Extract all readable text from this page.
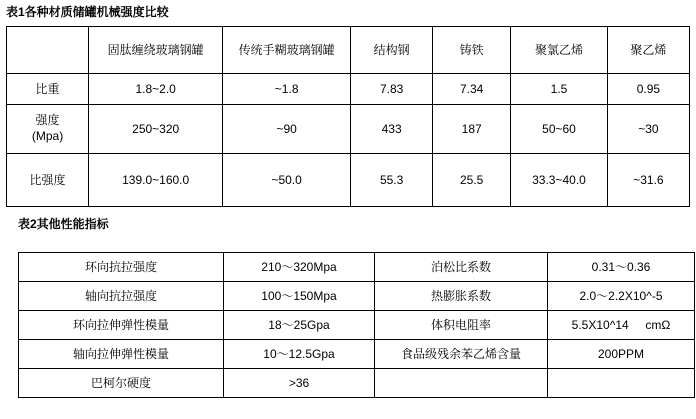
表1各种材质储罐机械强度比较
	固肽缠绕玻璃钢罐	传统手糊玻璃钢罐	结构钢	铸铁	聚氯乙烯	聚乙烯
比重	1.8~2.0	~1.8	7.83	7.34	1.5	0.95

强度
(Mpa)	250~320	~90	433	187	50~60	~30
比强度	139.0~160.0	~50.0	55.3	25.5	33.3~40.0	~31.6
表2其他性能指标
环向抗拉强度	210～320Mpa	泊松比系数	0.31～0.36
轴向抗拉强度	100～150Mpa	热膨胀系数	2.0～2.2X10^-5
环向拉伸弹性模量	18～25Gpa	体积电阻率	5.5X10^14     cmΩ
轴向拉伸弹性模量	10～12.5Gpa	食品级残余苯乙烯含量	200PPM
巴柯尔硬度	>36		
